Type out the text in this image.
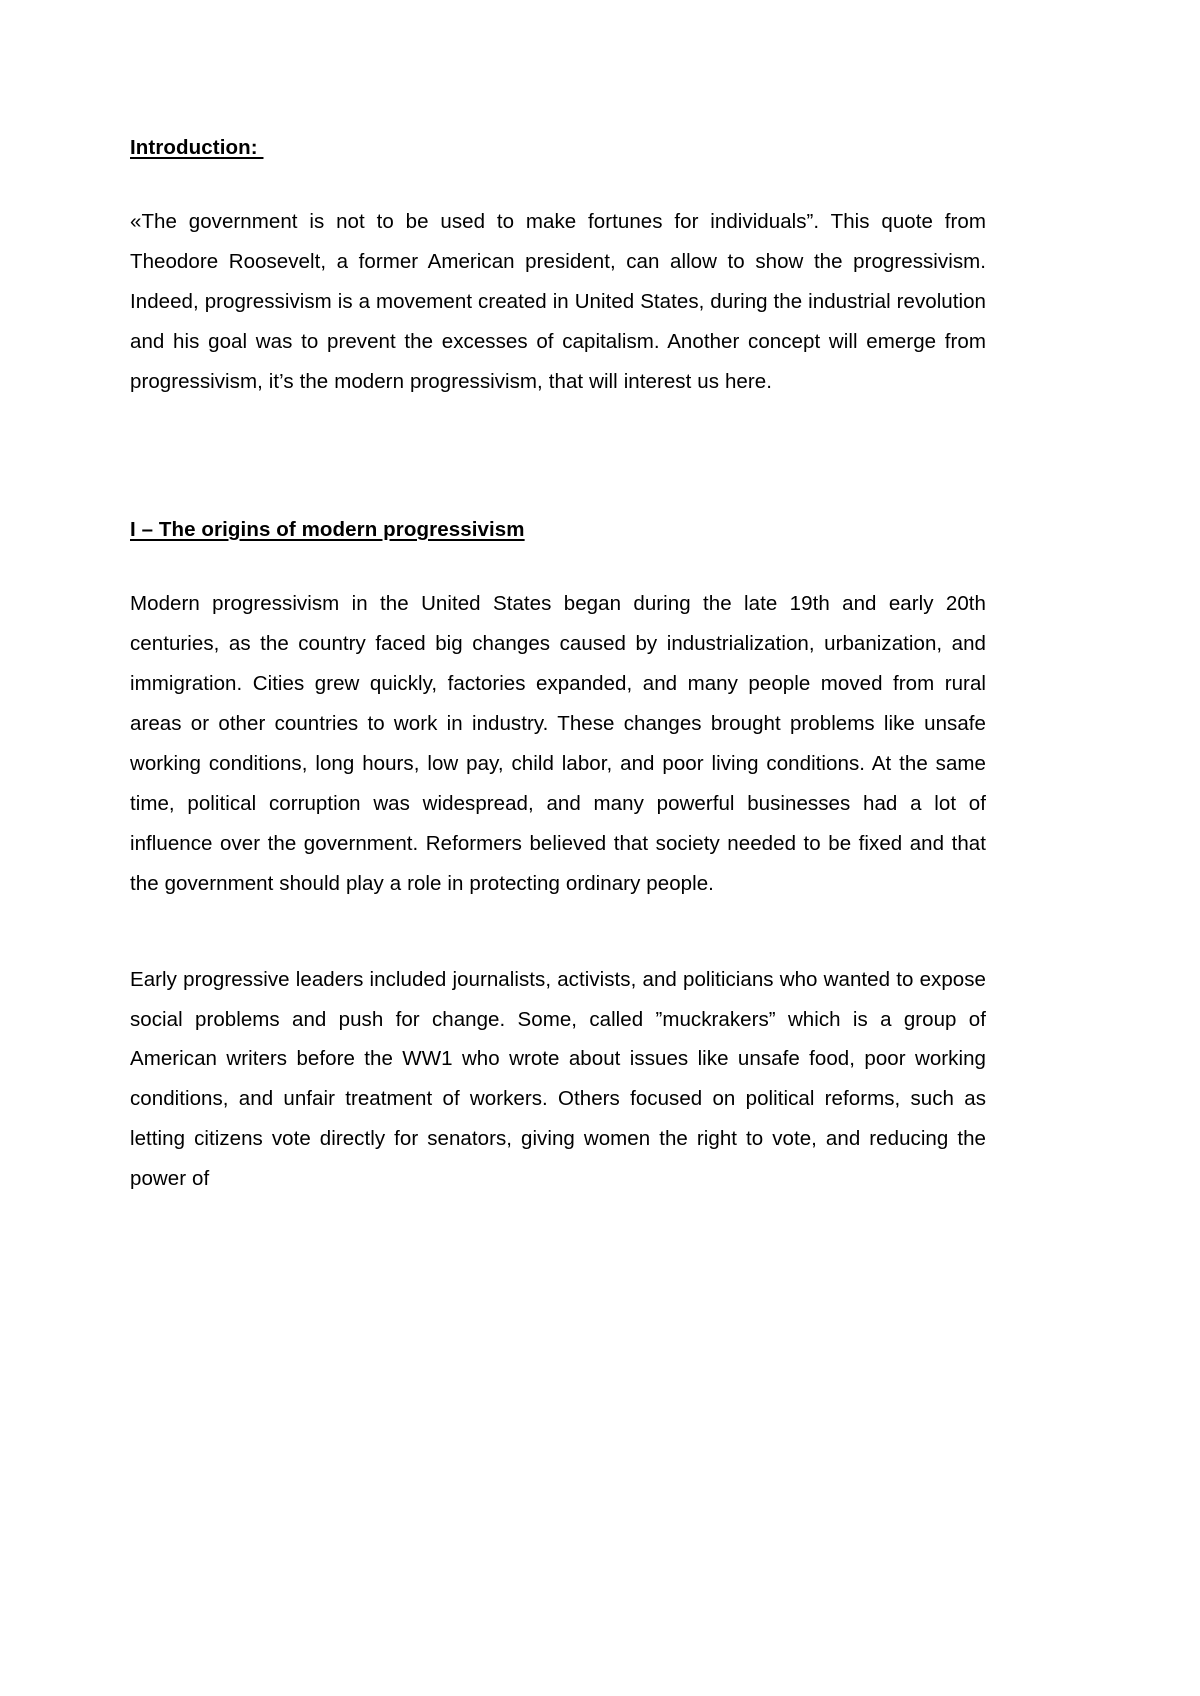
Introduction:

«The government is not to be used to make fortunes for individuals”. This quote from Theodore Roosevelt, a former American president, can allow to show the progressivism. Indeed, progressivism is a movement created in United States, during the industrial revolution and his goal was to prevent the excesses of capitalism. Another concept will emerge from progressivism, it’s the modern progressivism, that will interest us here.

I – The origins of modern progressivism

Modern progressivism in the United States began during the late 19th and early 20th centuries, as the country faced big changes caused by industrialization, urbanization, and immigration. Cities grew quickly, factories expanded, and many people moved from rural areas or other countries to work in industry. These changes brought problems like unsafe working conditions, long hours, low pay, child labor, and poor living conditions. At the same time, political corruption was widespread, and many powerful businesses had a lot of influence over the government. Reformers believed that society needed to be fixed and that the government should play a role in protecting ordinary people.

Early progressive leaders included journalists, activists, and politicians who wanted to expose social problems and push for change. Some, called ”muckrakers” which is a group of American writers before the WW1 who wrote about issues like unsafe food, poor working conditions, and unfair treatment of workers. Others focused on political reforms, such as letting citizens vote directly for senators, giving women the right to vote, and reducing the power of
